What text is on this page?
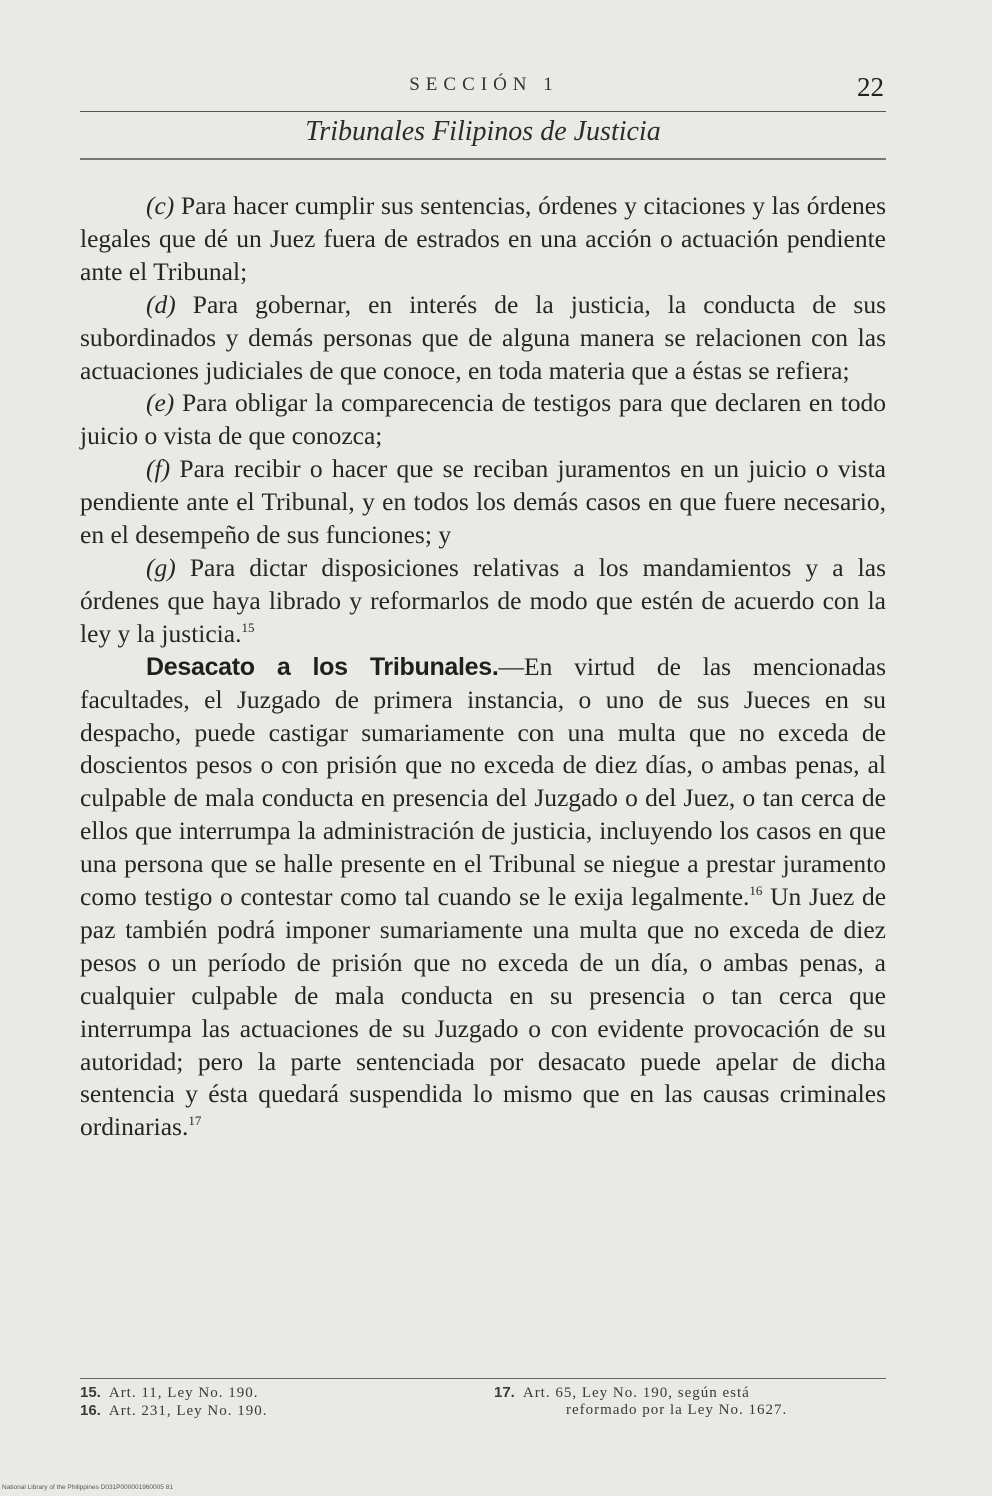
SECCIÓN 1	22
Tribunales Filipinos de Justicia

(c) Para hacer cumplir sus sentencias, órdenes y citaciones y las órdenes legales que dé un Juez fuera de estrados en una acción o actuación pendiente ante el Tribunal;

(d) Para gobernar, en interés de la justicia, la conducta de sus subordinados y demás personas que de alguna manera se relacionen con las actuaciones judiciales de que conoce, en toda materia que a éstas se refiera;

(e) Para obligar la comparecencia de testigos para que declaren en todo juicio o vista de que conozca;

(f) Para recibir o hacer que se reciban juramentos en un juicio o vista pendiente ante el Tribunal, y en todos los demás casos en que fuere necesario, en el desempeño de sus funciones; y

(g) Para dictar disposiciones relativas a los mandamientos y a las órdenes que haya librado y reformarlos de modo que estén de acuerdo con la ley y la justicia.$^{15}$

Desacato a los Tribunales.—En virtud de las mencionadas facultades, el Juzgado de primera instancia, o uno de sus Jueces en su despacho, puede castigar sumariamente con una multa que no exceda de doscientos pesos o con prisión que no exceda de diez días, o ambas penas, al culpable de mala conducta en presencia del Juzgado o del Juez, o tan cerca de ellos que interrumpa la administración de justicia, incluyendo los casos en que una persona que se halle presente en el Tribunal se niegue a prestar juramento como testigo o contestar como tal cuando se le exija legalmente.$^{16}$ Un Juez de paz también podrá imponer sumariamente una multa que no exceda de diez pesos o un período de prisión que no exceda de un día, o ambas penas, a cualquier culpable de mala conducta en su presencia o tan cerca que interrumpa las actuaciones de su Juzgado o con evidente provocación de su autoridad; pero la parte sentenciada por desacato puede apelar de dicha sentencia y ésta quedará suspendida lo mismo que en las causas criminales ordinarias.$^{17}$

15. Art. 11, Ley No. 190.
16. Art. 231, Ley No. 190.
17. Art. 65, Ley No. 190, según está
reformado por la Ley No. 1627.
National Library of the Philippines D031P000001960005 81
